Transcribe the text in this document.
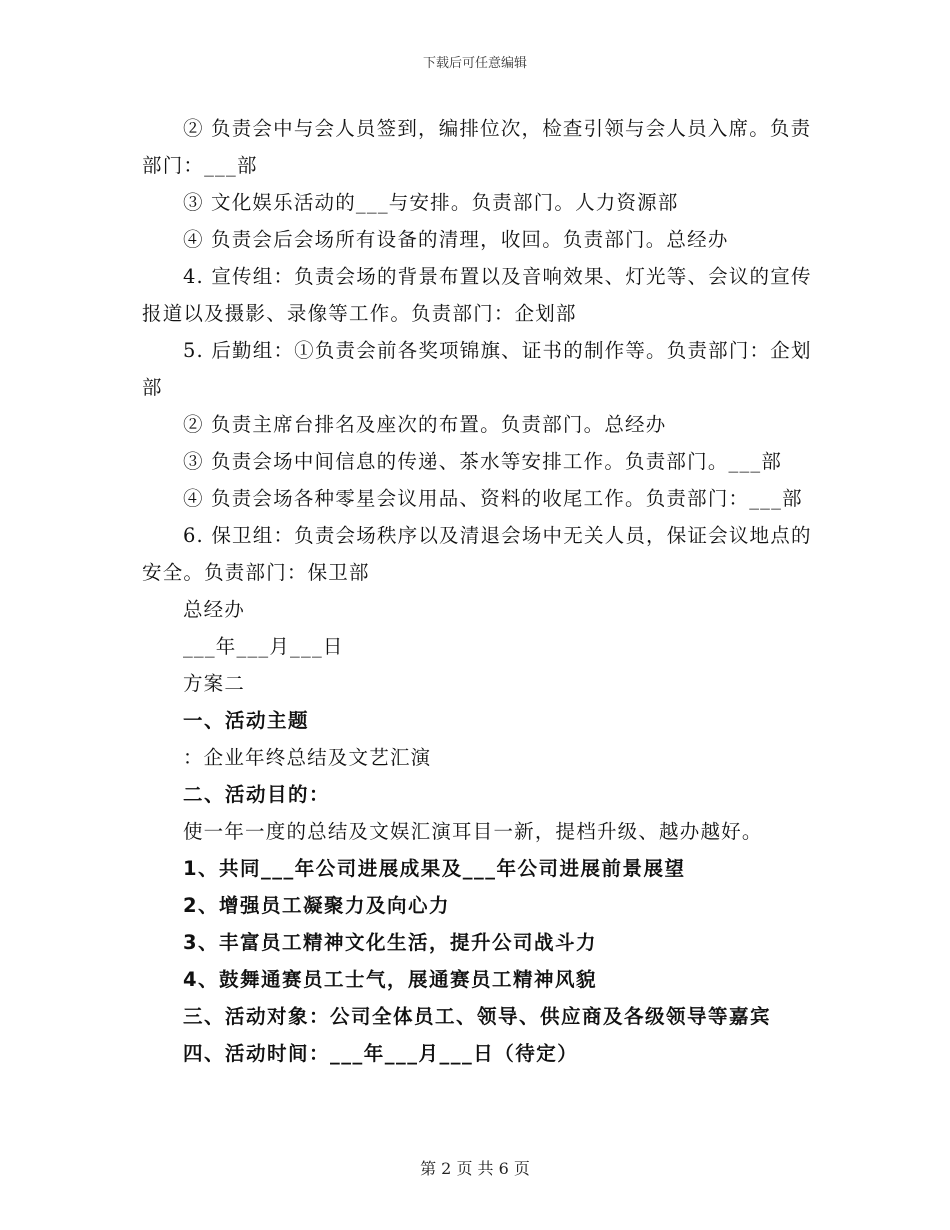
下载后可任意编辑

② 负责会中与会人员签到，编排位次，检查引领与会人员入席。负责部门：___部

③ 文化娱乐活动的___与安排。负责部门。人力资源部

④ 负责会后会场所有设备的清理，收回。负责部门。总经办

4. 宣传组：负责会场的背景布置以及音响效果、灯光等、会议的宣传报道以及摄影、录像等工作。负责部门：企划部

5. 后勤组：①负责会前各奖项锦旗、证书的制作等。负责部门：企划部

② 负责主席台排名及座次的布置。负责部门。总经办

③ 负责会场中间信息的传递、茶水等安排工作。负责部门。___部

④ 负责会场各种零星会议用品、资料的收尾工作。负责部门：___部

6. 保卫组：负责会场秩序以及清退会场中无关人员，保证会议地点的安全。负责部门：保卫部

总经办

___年___月___日

方案二

一、活动主题

：企业年终总结及文艺汇演

二、活动目的：

使一年一度的总结及文娱汇演耳目一新，提档升级、越办越好。

1、共同___年公司进展成果及___年公司进展前景展望

2、增强员工凝聚力及向心力

3、丰富员工精神文化生活，提升公司战斗力

4、鼓舞通赛员工士气，展通赛员工精神风貌

三、活动对象：公司全体员工、领导、供应商及各级领导等嘉宾

四、活动时间：___年___月___日（待定）

第 2 页 共 6 页
